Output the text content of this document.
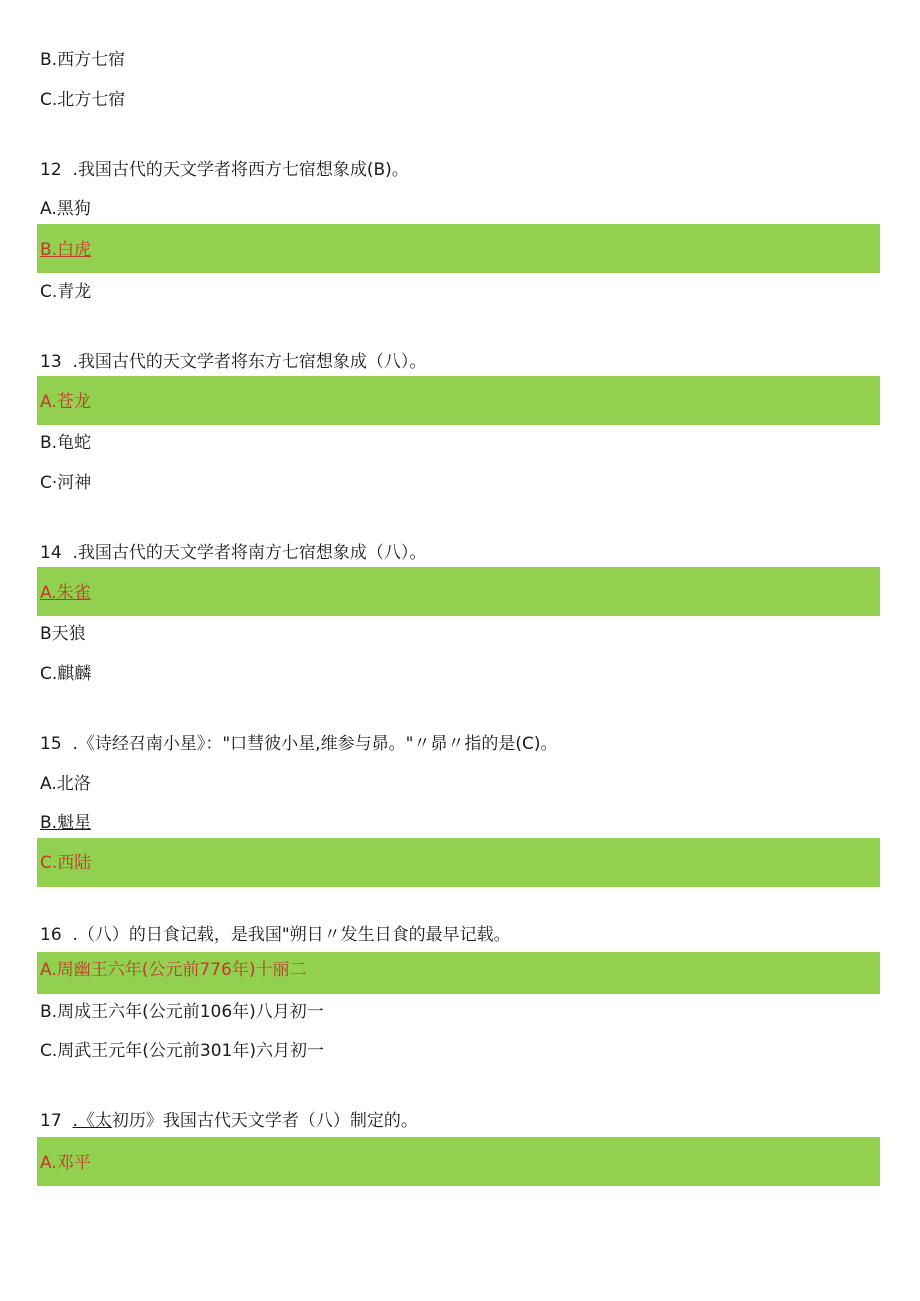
B.西方七宿
C.北方七宿
12  .我国古代的天文学者将西方七宿想象成(B)。
A.黑狗
B.白虎
C.青龙
13  .我国古代的天文学者将东方七宿想象成（八）。
A.苍龙
B.龟蛇
C·河神
14  .我国古代的天文学者将南方七宿想象成（八）。
A.朱雀
B天狼
C.麒麟
15  .《诗经召南小星》："口彗彼小星,维参与昴。"〃昴〃指的是(C)。
A.北洛
B.魁星
C.西陆
16  .（八）的日食记载，是我国"朔日〃发生日食的最早记载。
A.周幽王六年(公元前776年)十丽二
B.周成王六年(公元前106年)八月初一
C.周武王元年(公元前301年)六月初一
17  .《太初历》我国古代天文学者（八）制定的。
A.邓平
